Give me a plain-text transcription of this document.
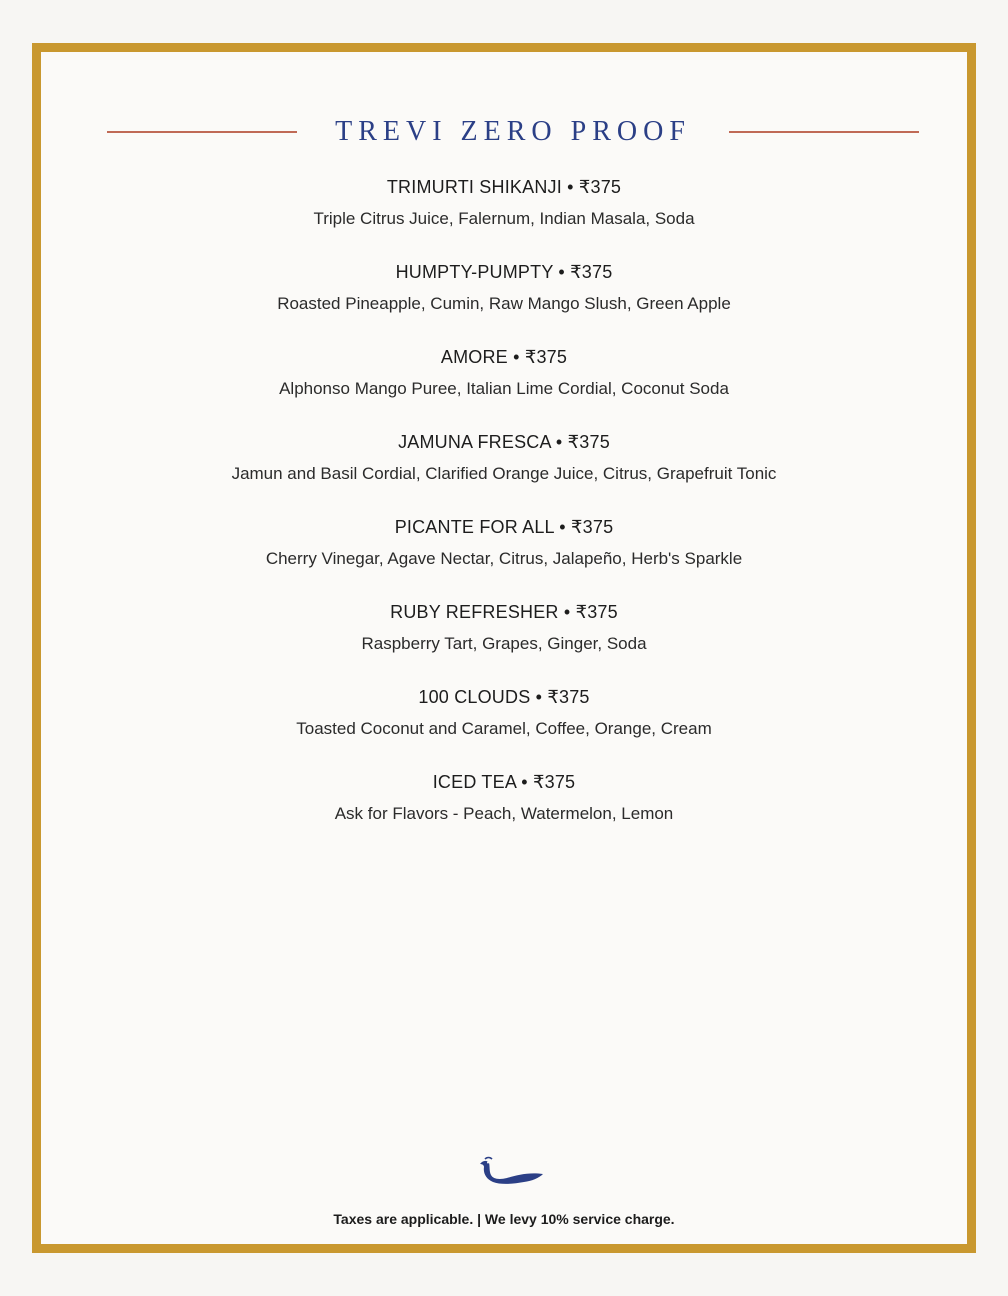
TREVI ZERO PROOF
TRIMURTI SHIKANJI • ₹375
Triple Citrus Juice, Falernum, Indian Masala, Soda
HUMPTY-PUMPTY • ₹375
Roasted Pineapple, Cumin, Raw Mango Slush, Green Apple
AMORE • ₹375
Alphonso Mango Puree, Italian Lime Cordial, Coconut Soda
JAMUNA FRESCA • ₹375
Jamun and Basil Cordial, Clarified Orange Juice, Citrus, Grapefruit Tonic
PICANTE FOR ALL • ₹375
Cherry Vinegar, Agave Nectar, Citrus, Jalapeño, Herb's Sparkle
RUBY REFRESHER • ₹375
Raspberry Tart, Grapes, Ginger, Soda
100 CLOUDS • ₹375
Toasted Coconut and Caramel, Coffee, Orange, Cream
ICED TEA • ₹375
Ask for Flavors - Peach, Watermelon, Lemon
Taxes are applicable. | We levy 10% service charge.
